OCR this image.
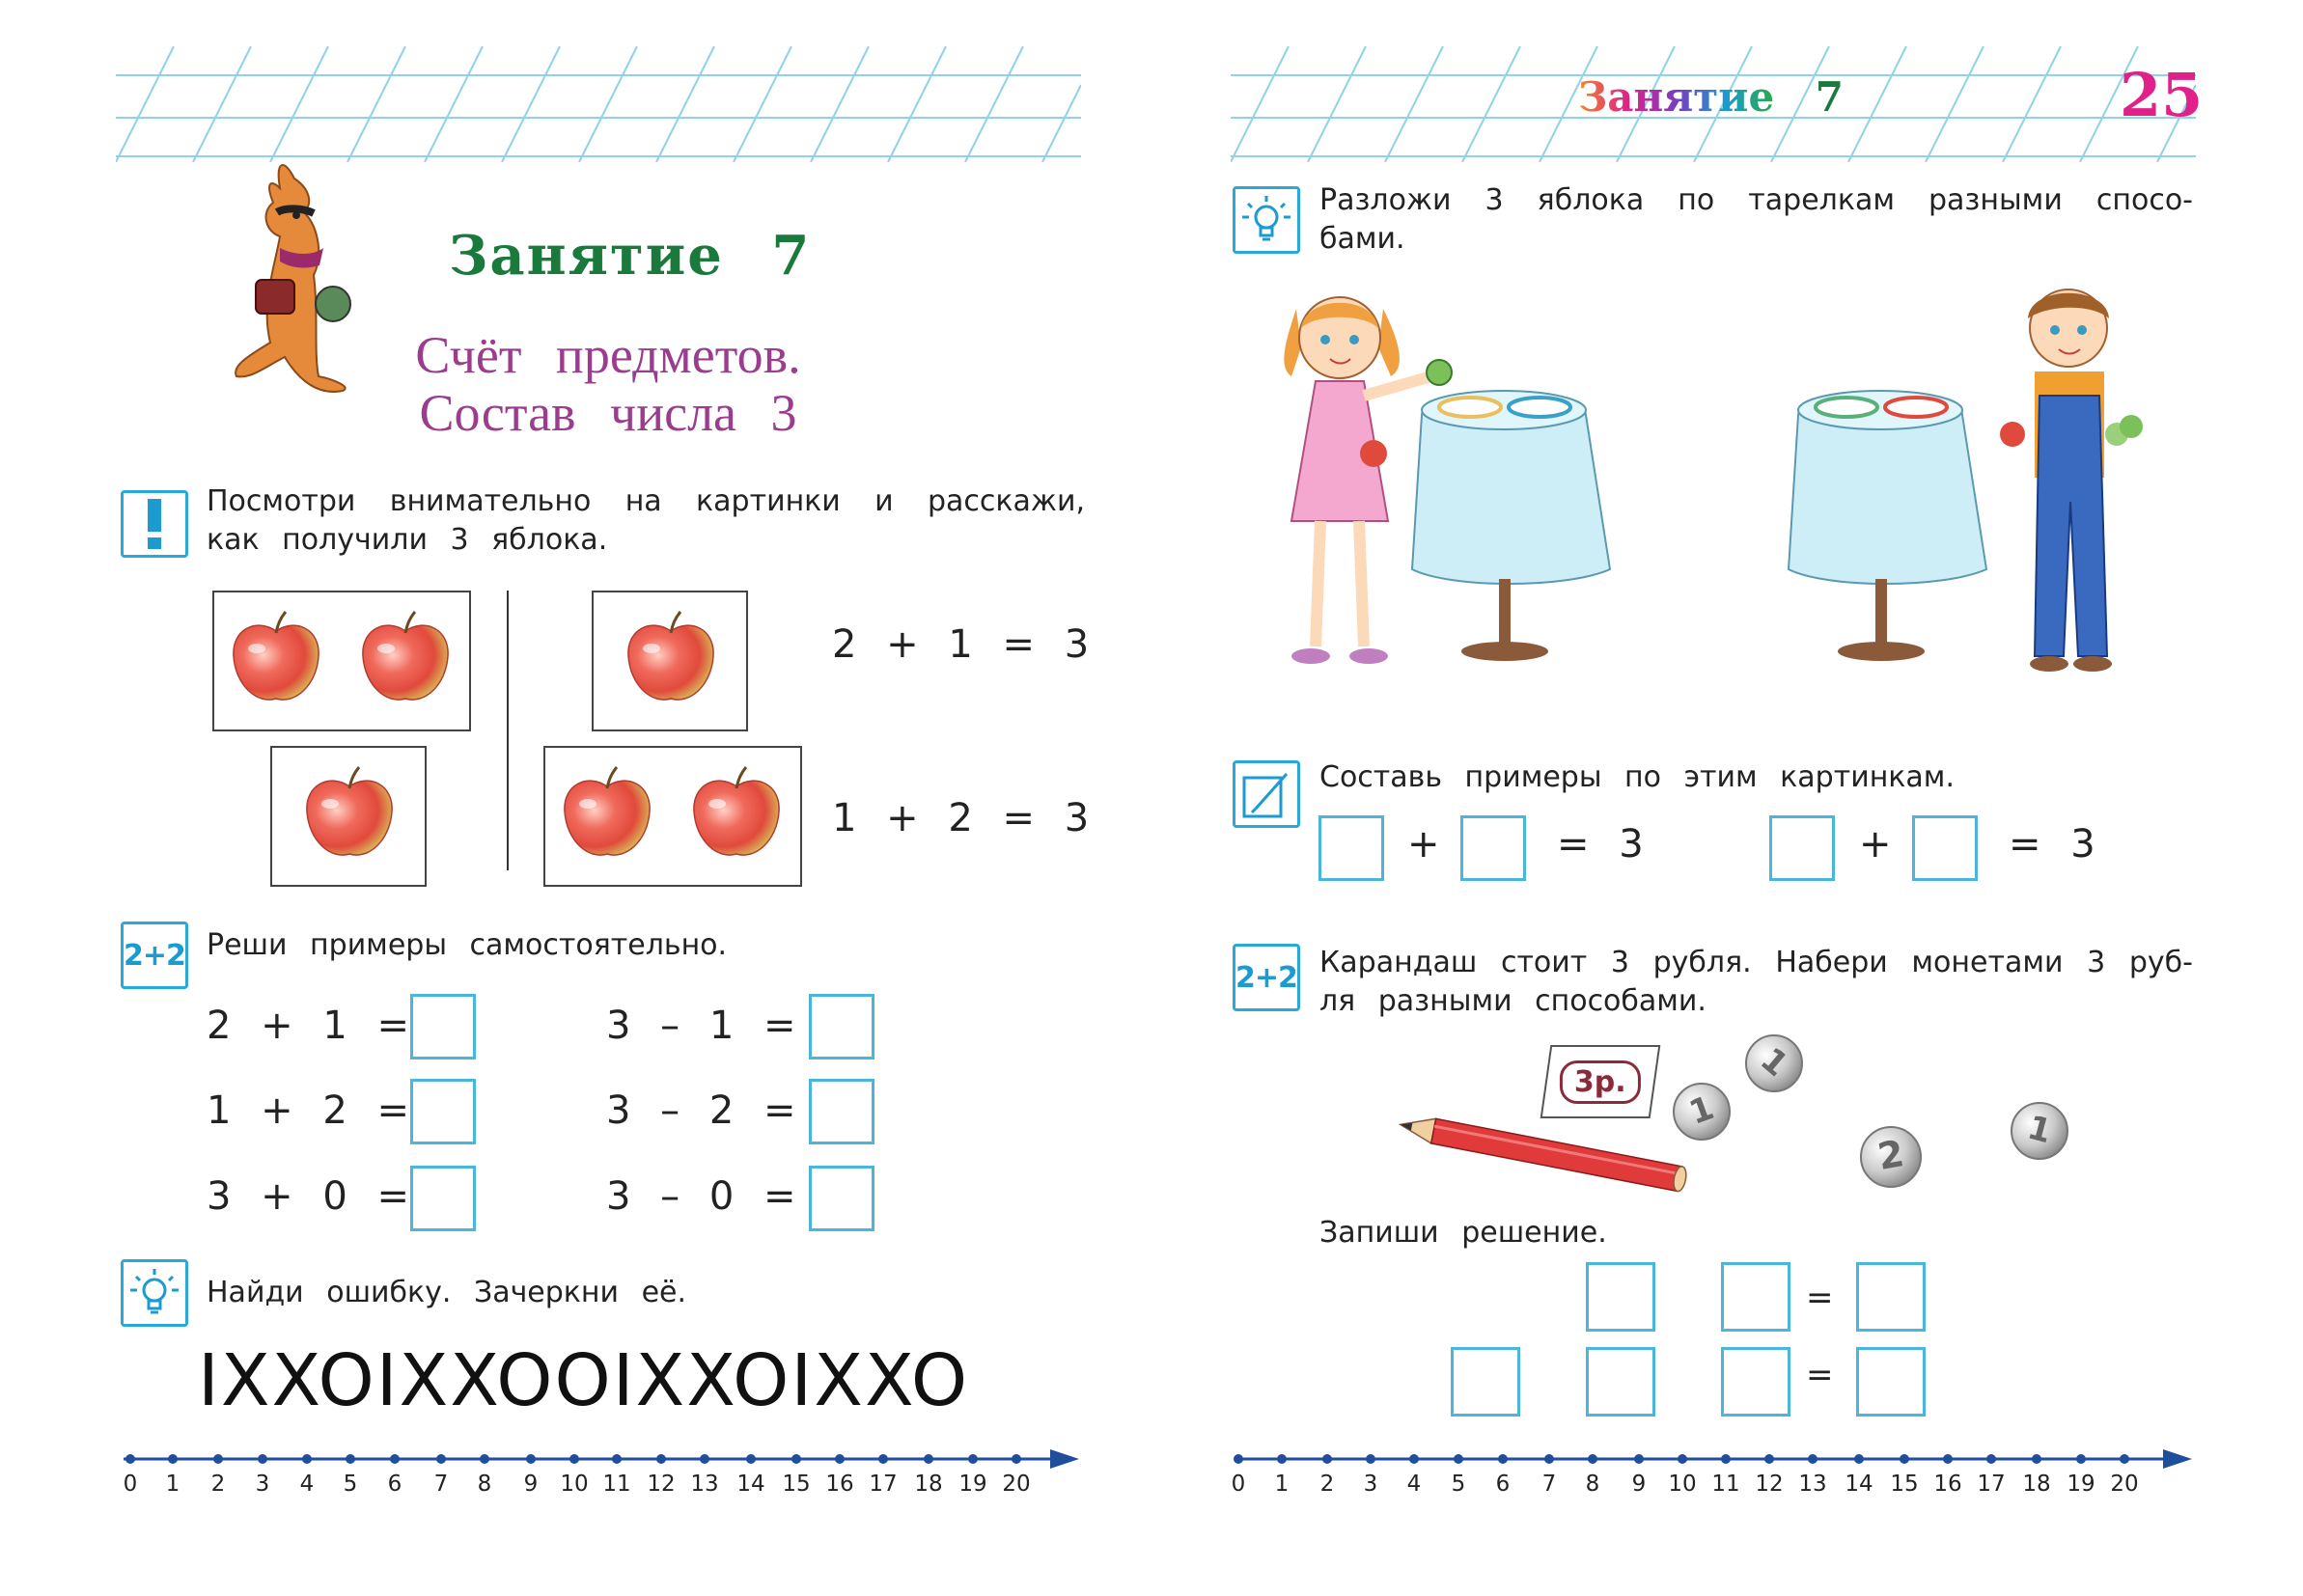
Занятие 7
Счёт предметов.
Состав числа 3
Посмотри внимательно на картинки и расскажи,
как получили 3 яблока.
2 + 1 = 3
1 + 2 = 3
2+2 Реши примеры самостоятельно.
2 + 1 =
1 + 2 =
3 + 0 =
3 – 1 =
3 – 2 =
3 – 0 =
Найди ошибку. Зачеркни её.
IXXOIXXOOIXXOIXXO
0	1	2	3	4	5	6	7	8	9	10 11 12 13 14 15 16 17 18 19 20
Занятие 7	25
Разложи 3 яблока по тарелкам разными спосо-
бами.
Составь примеры по этим картинкам.
+	= 3	+	= 3
2+2 Карандаш стоит 3 рубля. Набери монетами 3 руб-
ля разными способами.
3р.
1
1
2
1
Запиши решение.
=
=
0	1	2	3	4	5	6	7	8	9	10 11 12 13 14 15 16 17 18 19 20
